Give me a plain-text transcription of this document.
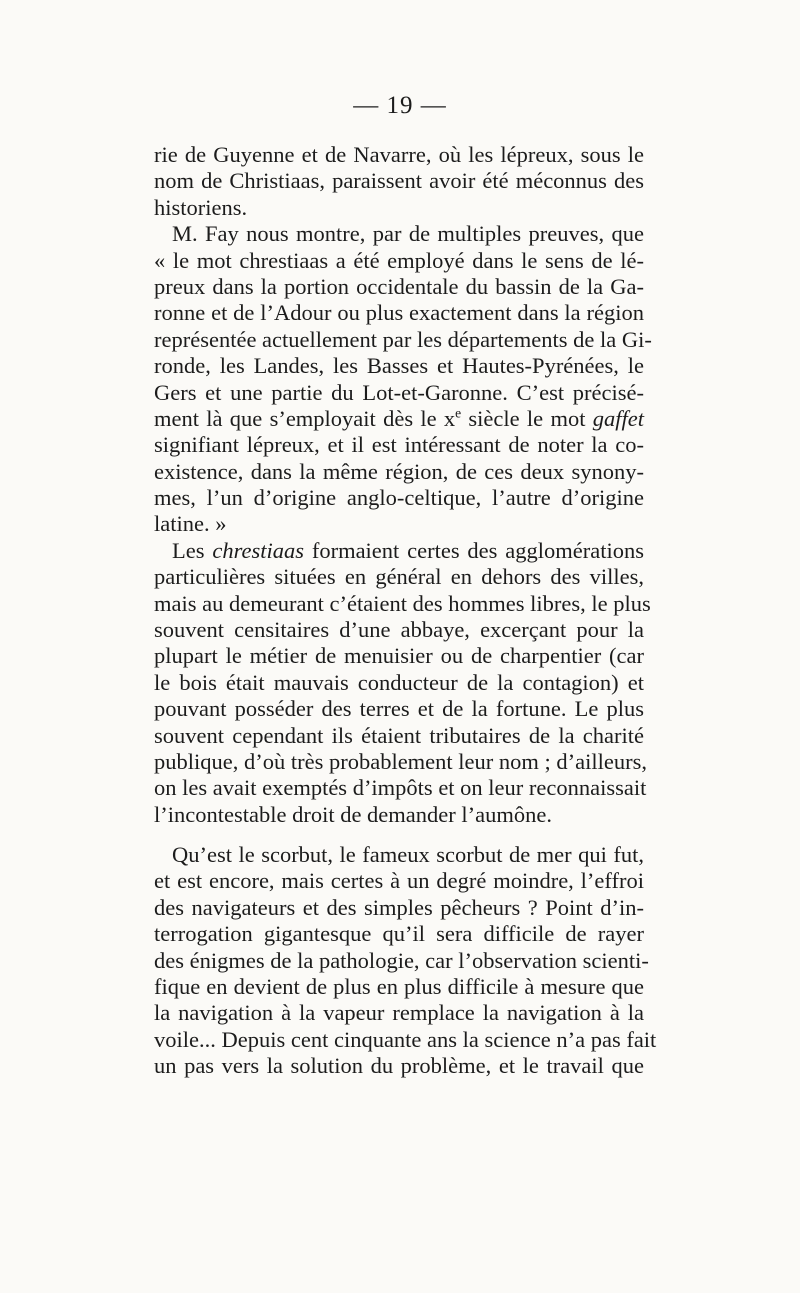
— 19 —
rie de Guyenne et de Navarre, où les lépreux, sous le
nom de Christiaas, paraissent avoir été méconnus des
historiens.
M. Fay nous montre, par de multiples preuves, que
« le mot chrestiaas a été employé dans le sens de lé-
preux dans la portion occidentale du bassin de la Ga-
ronne et de l’Adour ou plus exactement dans la région
représentée actuellement par les départements de la Gi-
ronde, les Landes, les Basses et Hautes-Pyrénées, le
Gers et une partie du Lot-et-Garonne. C’est précisé-
ment là que s’employait dès le $x^e$ siècle le mot gaffet
signifiant lépreux, et il est intéressant de noter la co-
existence, dans la même région, de ces deux synony-
mes, l’un d’origine anglo-celtique, l’autre d’origine
latine. »
Les chrestiaas formaient certes des agglomérations
particulières situées en général en dehors des villes,
mais au demeurant c’étaient des hommes libres, le plus
souvent censitaires d’une abbaye, excerçant pour la
plupart le métier de menuisier ou de charpentier (car
le bois était mauvais conducteur de la contagion) et
pouvant posséder des terres et de la fortune. Le plus
souvent cependant ils étaient tributaires de la charité
publique, d’où très probablement leur nom ; d’ailleurs,
on les avait exemptés d’impôts et on leur reconnaissait
l’incontestable droit de demander l’aumône.
Qu’est le scorbut, le fameux scorbut de mer qui fut,
et est encore, mais certes à un degré moindre, l’effroi
des navigateurs et des simples pêcheurs ? Point d’in-
terrogation gigantesque qu’il sera difficile de rayer
des énigmes de la pathologie, car l’observation scienti-
fique en devient de plus en plus difficile à mesure que
la navigation à la vapeur remplace la navigation à la
voile... Depuis cent cinquante ans la science n’a pas fait
un pas vers la solution du problème, et le travail que
